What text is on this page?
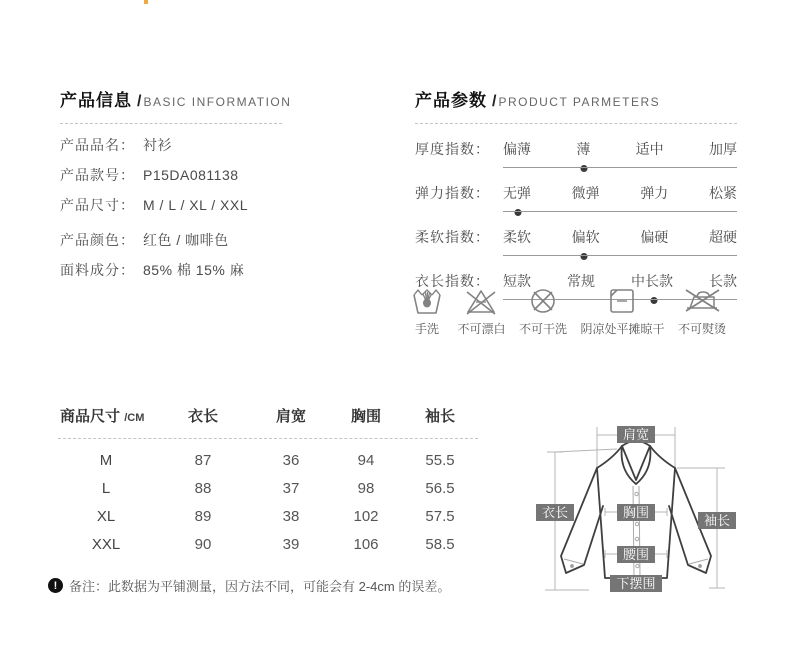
产品信息 / BASIC INFORMATION
产品品名： 衬衫
产品款号： P15DA081138
产品尺寸： M / L / XL / XXL
产品颜色： 红色 / 咖啡色
面料成分： 85% 棉 15% 麻
产品参数 / PRODUCT PARMETERS
厚度指数： 偏薄	薄	适中	加厚
弹力指数： 无弹	微弹	弹力	松紧
柔软指数： 柔软	偏软	偏硬	超硬
衣长指数： 短款	常规	中长款	长款
手洗 不可漂白 不可干洗 阴凉处平摊晾干 不可熨烫
商品尺寸 /CM	衣长	肩宽	胸围	袖长
M	87	36	94	55.5
L	88	37	98	56.5
XL	89	38	102	57.5
XXL	90	39	106	58.5
! 备注：此数据为平铺测量，因方法不同，可能会有 2-4cm 的误差。
肩宽
衣长	胸围
袖长
腰围
下摆围
